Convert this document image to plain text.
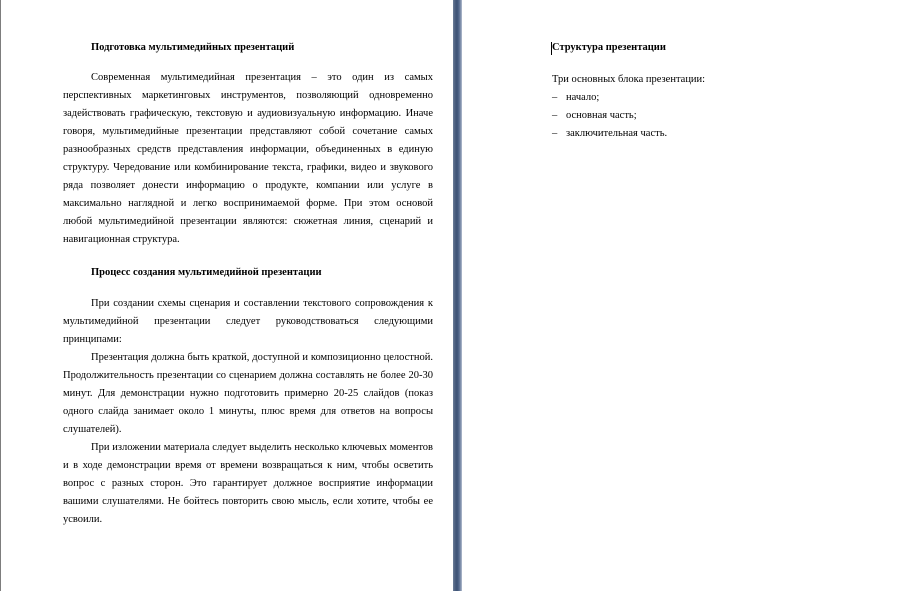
Подготовка мультимедийных презентаций

Современная мультимедийная презентация – это один из самых перспективных маркетинговых инструментов, позволяющий одновременно задействовать графическую, текстовую и аудиовизуальную информацию. Иначе говоря, мультимедийные презентации представляют собой сочетание самых разнообразных средств представления информации, объединенных в единую структуру. Чередование или комбинирование текста, графики, видео и звукового ряда позволяет донести информацию о продукте, компании или услуге в максимально наглядной и легко воспринимаемой форме. При этом основой любой мультимедийной презентации являются: сюжетная линия, сценарий и навигационная структура.

Процесс создания мультимедийной презентации

При создании схемы сценария и составлении текстового сопровождения к мультимедийной презентации следует руководствоваться следующими принципами:

Презентация должна быть краткой, доступной и композиционно целостной. Продолжительность презентации со сценарием должна составлять не более 20-30 минут. Для демонстрации нужно подготовить примерно 20-25 слайдов (показ одного слайда занимает около 1 минуты, плюс время для ответов на вопросы слушателей).

При изложении материала следует выделить несколько ключевых моментов и в ходе демонстрации время от времени возвращаться к ним, чтобы осветить вопрос с разных сторон. Это гарантирует должное восприятие информации вашими слушателями. Не бойтесь повторить свою мысль, если хотите, чтобы ее усвоили.

Структура презентации

Три основных блока презентации:

– начало;
– основная часть;
– заключительная часть.
